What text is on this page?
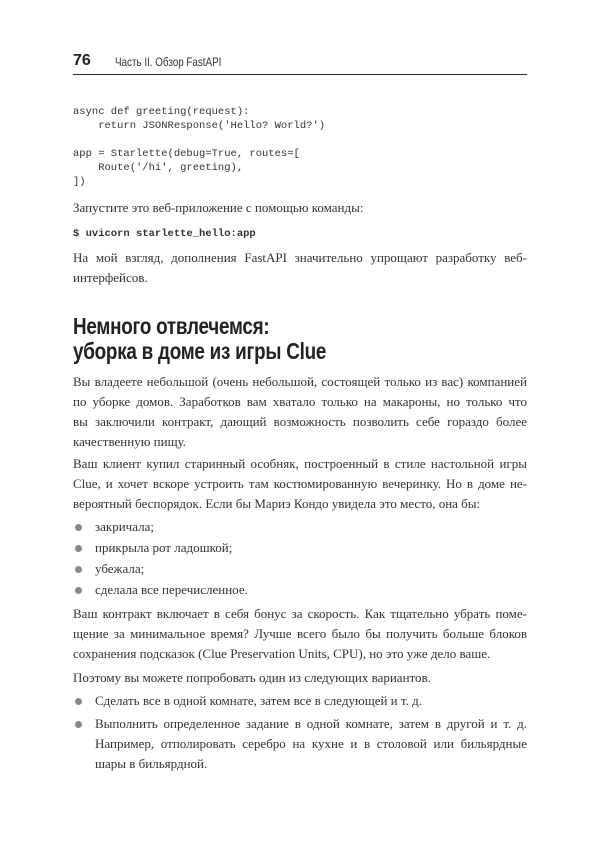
76 Часть II. Обзор FastAPI
async def greeting(request):
return JSONResponse('Hello? World?')
app = Starlette(debug=True, routes=[
Route('/hi', greeting),
])
Запустите это веб-приложение с помощью команды:
$ uvicorn starlette_hello:app
На мой взгляд, дополнения FastAPI значительно упрощают разработку веб-
интерфейсов.
Немного отвлечемся:
уборка в доме из игры Clue
Вы владеете небольшой (очень небольшой, состоящей только из вас) компанией
по уборке домов. Заработков вам хватало только на макароны, но только что
вы заключили контракт, дающий возможность позволить себе гораздо более
качественную пищу.
Ваш клиент купил старинный особняк, построенный в стиле настольной игры
Clue, и хочет вскоре устроить там костюмированную вечеринку. Но в доме не-
вероятный беспорядок. Если бы Мариэ Кондо увидела это место, она бы:
закричала;
прикрыла рот ладошкой;
убежала;
сделала все перечисленное.
Ваш контракт включает в себя бонус за скорость. Как тщательно убрать поме-
щение за минимальное время? Лучше всего было бы получить больше блоков
сохранения подсказок (Clue Preservation Units, CPU), но это уже дело ваше.
Поэтому вы можете попробовать один из следующих вариантов.
Сделать все в одной комнате, затем все в следующей и т. д.
Выполнить определенное задание в одной комнате, затем в другой и т. д.
Например, отполировать серебро на кухне и в столовой или бильярдные
шары в бильярдной.
